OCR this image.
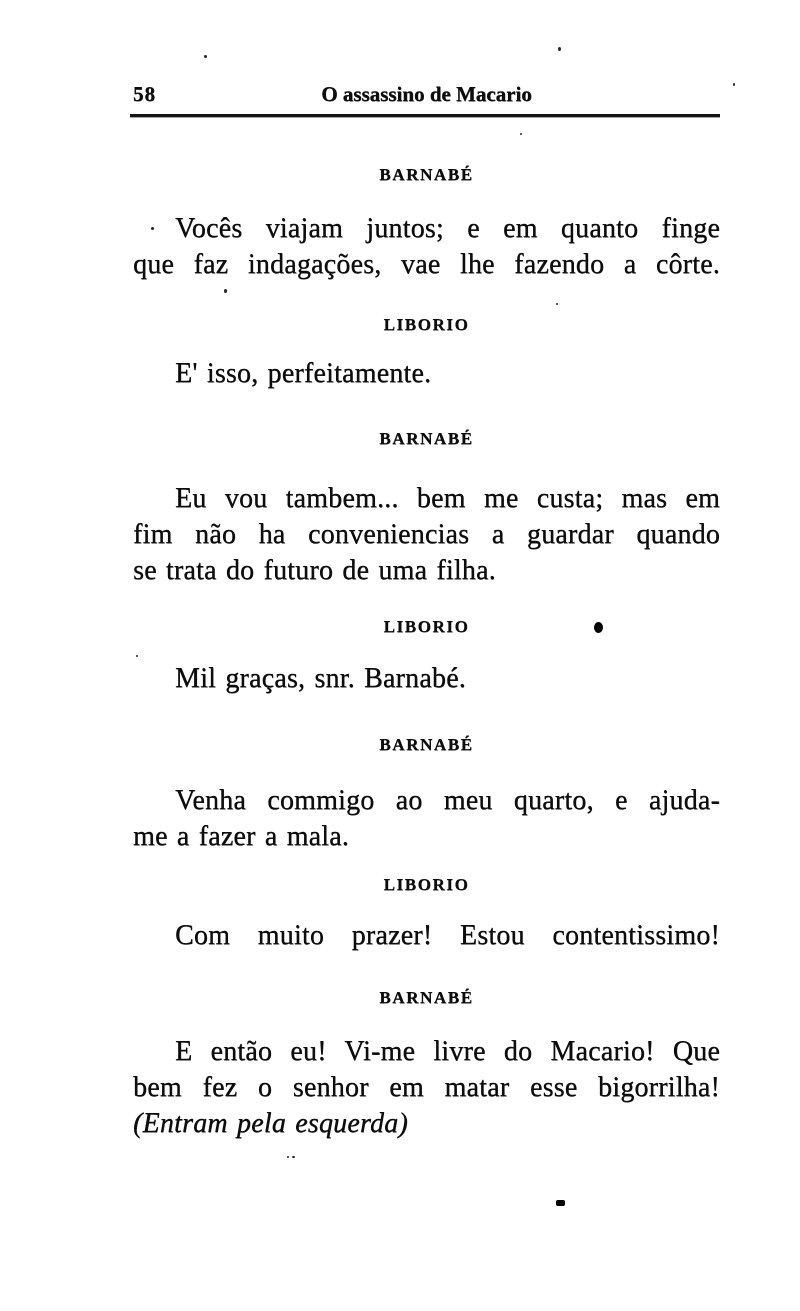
58	O assassino de Macario
BARNABÉ
Vocês viajam juntos; e em quanto finge
que faz indagações, vae lhe fazendo a côrte.
LIBORIO
E' isso, perfeitamente.
BARNABÉ
Eu vou tambem... bem me custa; mas em
fim não ha conveniencias a guardar quando
se trata do futuro de uma filha.
LIBORIO
Mil graças, snr. Barnabé.
BARNABÉ
Venha commigo ao meu quarto, e ajuda-
me a fazer a mala.
LIBORIO
Com muito prazer! Estou contentissimo!
BARNABÉ
E então eu! Vi-me livre do Macario! Que
bem fez o senhor em matar esse bigorrilha!
(Entram pela esquerda)
